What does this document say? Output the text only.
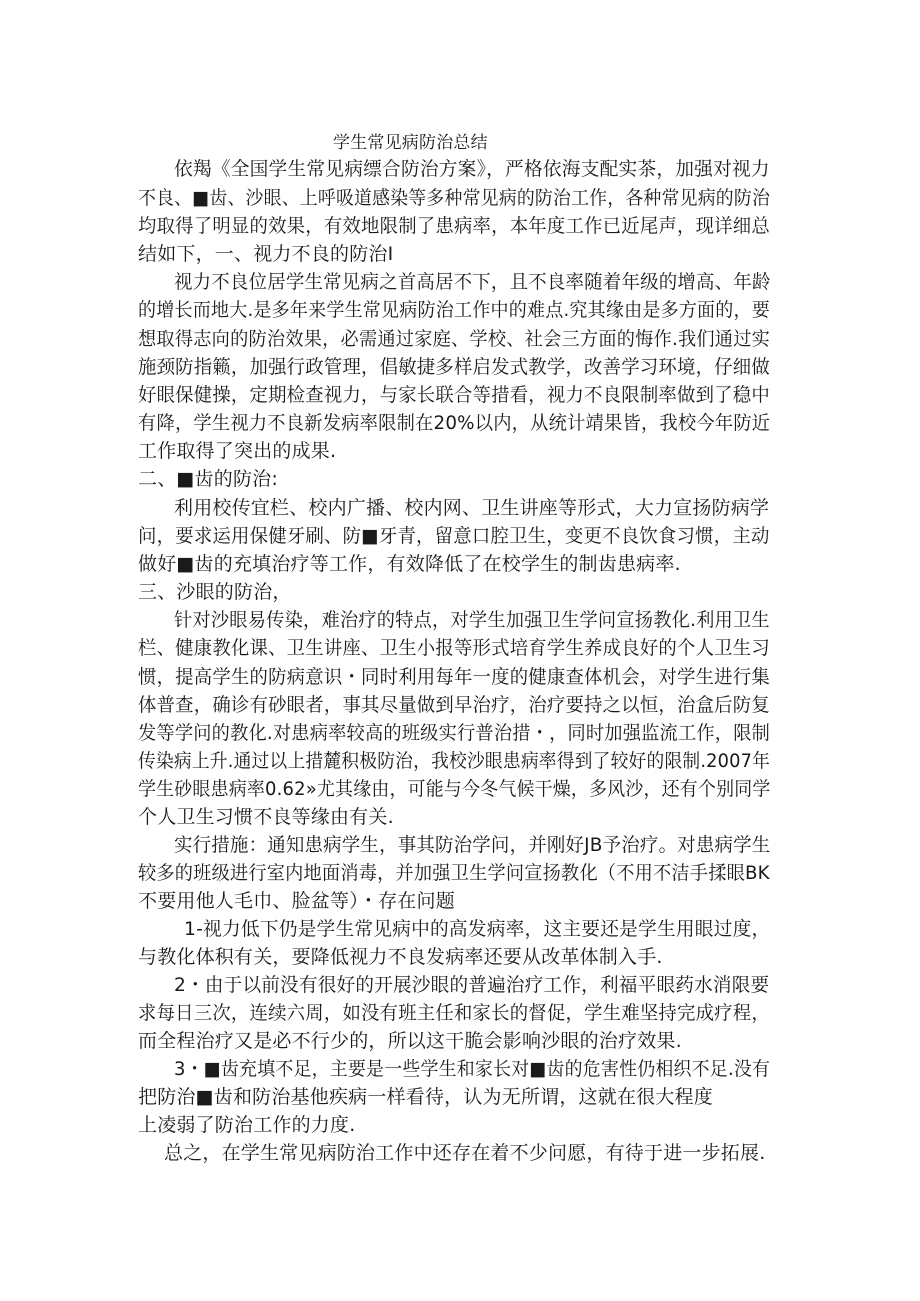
学生常见病防治总结
依羯《全国学生常见病缥合防治方案》，严格依海支配实茶，加强对视力
不良、■齿、沙眼、上呼吸道感染等多种常见病的防治工作，各种常见病的防治
均取得了明显的效果，有效地限制了患病率，本年度工作已近尾声，现详细总
结如下，一、视力不良的防治I
视力不良位居学生常见病之首高居不下，且不良率随着年级的增高、年龄
的增长而地大.是多年来学生常见病防治工作中的难点.究其缘由是多方面的，要
想取得志向的防治效果，必需通过家庭、学校、社会三方面的悔作.我们通过实
施颈防指籁，加强行政管理，倡敏捷多样启发式教学，改善学习环境，仔细做
好眼保健操，定期检查视力，与家长联合等措看，视力不良限制率做到了稳中
有降，学生视力不良新发病率限制在20%以内，从统计靖果皆，我校今年防近
工作取得了突出的成果.
二、■齿的防治:
利用校传宜栏、校内广播、校内网、卫生讲座等形式，大力宣扬防病学
问，要求运用保健牙刷、防■牙青，留意口腔卫生，变更不良饮食习惯，主动
做好■齿的充填治疗等工作，有效降低了在校学生的制齿患病率.
三、沙眼的防治，
针对沙眼易传染，难治疗的特点，对学生加强卫生学问宣扬教化.利用卫生
栏、健康教化课、卫生讲座、卫生小报等形式培育学生养成良好的个人卫生习
惯，提高学生的防病意识・同时利用每年一度的健康查体机会，对学生进行集
体普查，确诊有砂眼者，事其尽量做到早治疗，治疗要持之以恒，治盒后防复
发等学问的教化.对患病率较高的班级实行普治措・，同时加强监流工作，限制
传染病上升.通过以上措麓积极防治，我校沙眼患病率得到了较好的限制.2007年
学生砂眼患病率0.62»尤其缘由，可能与今冬气候干燥，多风沙，还有个别同学
个人卫生习惯不良等缘由有关.
实行措施：通知患病学生，事其防治学问，并刚好JB予治疗。对患病学生
较多的班级进行室内地面消毒，并加强卫生学问宣扬教化（不用不洁手揉眼BK
不要用他人毛巾、脸盆等）・存在问题
1-视力低下仍是学生常见病中的高发病率，这主要还是学生用眼过度，
与教化体积有关，要降低视力不良发病率还要从改革体制入手.
2・由于以前没有很好的开展沙眼的普遍治疗工作，利福平眼药水消限要
求每日三次，连续六周，如没有班主任和家长的督促，学生难坚持完成疗程，
而全程治疗又是必不行少的，所以这干脆会影响沙眼的治疗效果.
3・■齿充填不足，主要是一些学生和家长对■齿的危害性仍相织不足.没有
把防治■齿和防治基他疾病一样看待，认为无所谓，这就在很大程度
上凌弱了防治工作的力度.
总之，在学生常见病防治工作中还存在着不少问愿，有待于进一步拓展.
